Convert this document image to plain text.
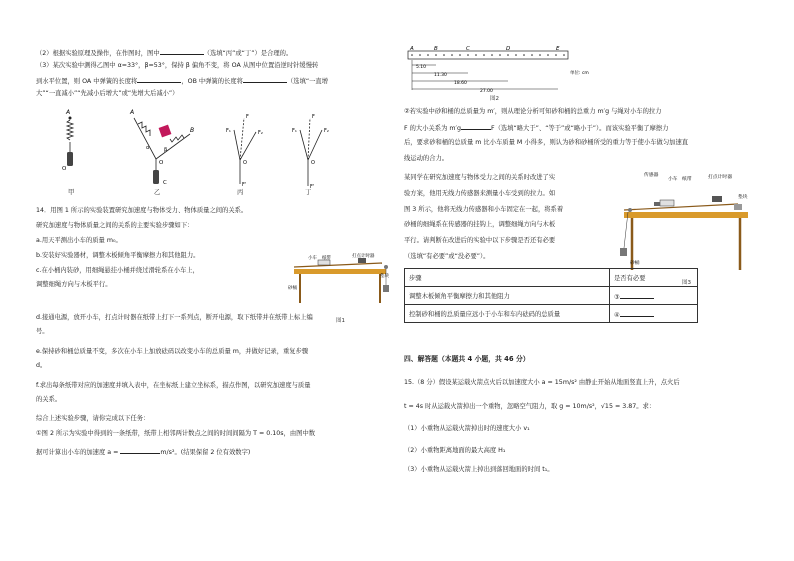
（2）根据实验原理及操作，在作图时，图中	（选填“丙”或“丁”）是合理的。
（3）某次实验中测得乙图中 α=33°，β=53°，保持 β 偏角不变，将 OA 从图中位置沿逆时针缓慢转
到水平位置，则 OA 中弹簧的长度将	，OB 中弹簧的长度将	（选填“一直增
大”“一直减小”“先减小后增大”或“先增大后减小”）
A
O
A
B
O
α	β
C
F₁	F₂
F
F'
O
F₁	F₂
F
F'
O
甲	乙	丙	丁
14．用图 1 所示的实验装置研究加速度与物体受力、物体质量之间的关系。
研究加速度与物体质量之间的关系的主要实验步骤如下：
a.用天平测出小车的质量 m₀。
b.安装好实验器材，调整木板倾角平衡摩擦力和其他阻力。
c.在小桶内装砂，用细绳悬挂小桶并绕过滑轮系在小车上，
调整细绳方向与木板平行。
小车 纸带	打点计时器
垫块
砂桶
图1
d.接通电源，放开小车，打点计时器在纸带上打下一系列点，断开电源，取下纸带并在纸带上标上编
号。
e.保持砂和桶总质量不变，多次在小车上加放砝码以改变小车的总质量 m，并做好记录，重复步骤
d。
f.求出每条纸带对应的加速度并填入表中，在坐标纸上建立坐标系，描点作图，以研究加速度与质量
的关系。
综合上述实验步骤，请你完成以下任务：
①图 2 所示为实验中得到的一条纸带，纸带上相邻两计数点之间的时间间隔为 T = 0.10s，由图中数
据可计算出小车的加速度 a =	m/s²。(结果保留 2 位有效数字)
A	B	C	D	E
5.10
11.30
18.60
27.00
单位: cm
图2
②若实验中砂和桶的总质量为 m′，则从理论分析可知砂和桶的总重力 m′g 与绳对小车的拉力
F 的大小关系为 m′g	F（选填“略大于”、“等于”或“略小于”）。而该实验平衡了摩擦力
后，要求砂和桶的总质量 m 比小车质量 M 小得多，则认为砂和砂桶所受的重力等于使小车做匀加速直
线运动的合力。
某同学在研究加速度与物体受力之间的关系时改进了实
验方案，他用无线力传感器来测量小车受到的拉力。如
图 3 所示，他将无线力传感器和小车固定在一起，将系着
砂桶的细绳系在传感器的挂钩上，调整细绳方向与木板
平行。请判断在改进后的实验中以下步骤是否还有必要
（选填“有必要”或“没必要”）。
传感器
小车 纸带	打点计时器
垫块
砂桶
图3
步骤	是否有必要
调整木板倾角平衡摩擦力和其他阻力	③
控制砂和桶的总质量应远小于小车和车内砝码的总质量	④
四、解答题（本题共 4 小题，共 46 分）
15.（8 分）假设某运载火箭点火后以加速度大小 a = 15m/s² 由静止开始从地面竖直上升，点火后
t = 4s 时从运载火箭掉出一个重物，忽略空气阻力，取 g = 10m/s²，√15 = 3.87。求：
（1）小重物从运载火箭掉出时的速度大小 v₁
（2）小重物距离地面的最大高度 H₁
（3）小重物从运载火箭上掉出到落回地面的时间 t₁。
